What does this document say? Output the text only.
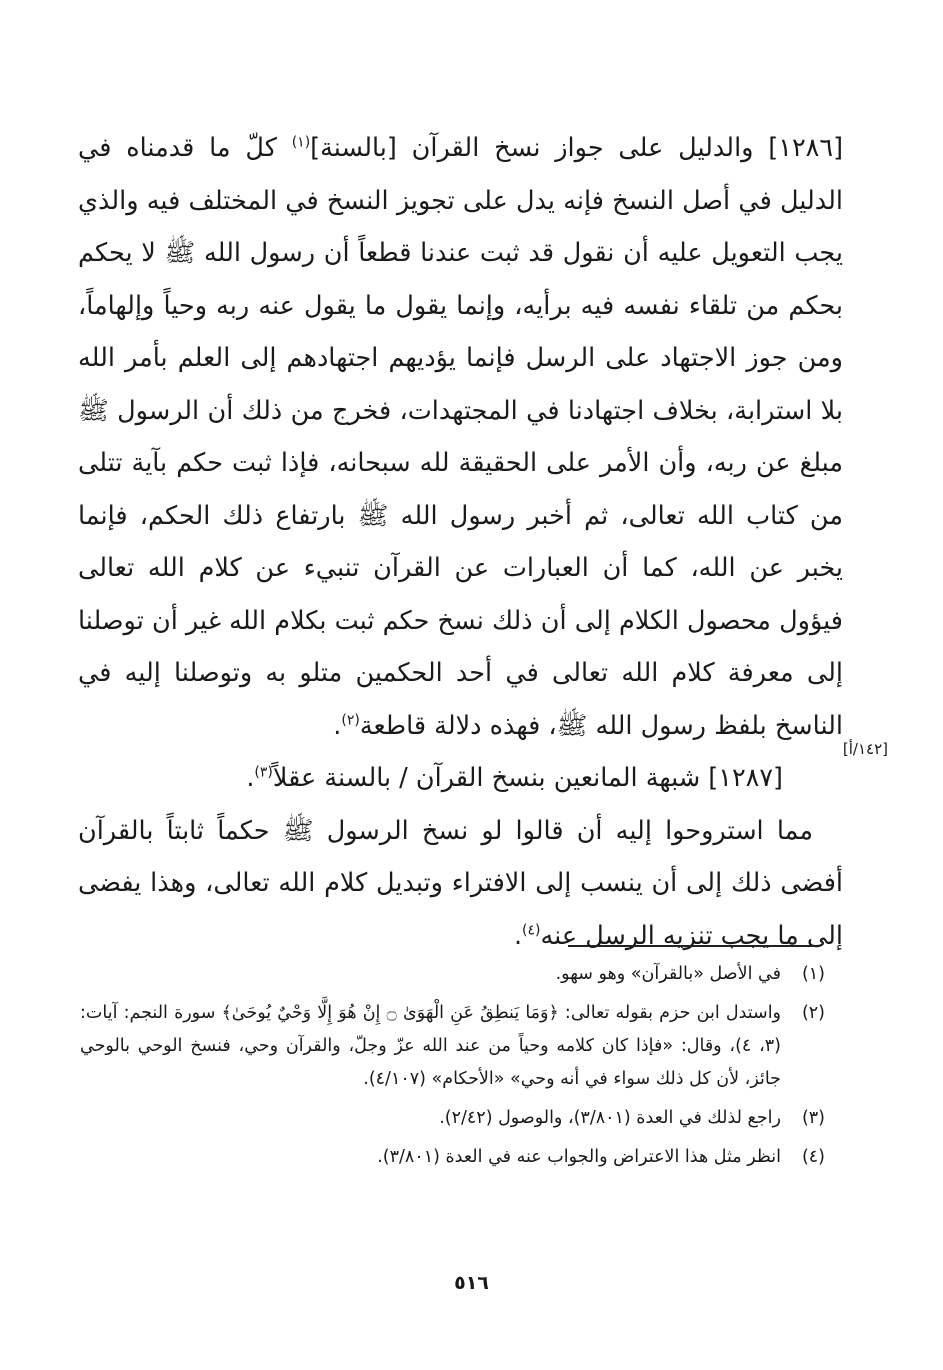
[١٢٨٦] والدليل على جواز نسخ القرآن [بالسنة]$^{(١)}$ كلّ ما قدمناه في الدليل في أصل النسخ فإنه يدل على تجويز النسخ في المختلف فيه والذي يجب التعويل عليه أن نقول قد ثبت عندنا قطعاً أن رسول الله ﷺ لا يحكم بحكم من تلقاء نفسه فيه برأيه، وإنما يقول ما يقول عنه ربه وحياً وإلهاماً، ومن جوز الاجتهاد على الرسل فإنما يؤديهم اجتهادهم إلى العلم بأمر الله بلا استرابة، بخلاف اجتهادنا في المجتهدات، فخرج من ذلك أن الرسول ﷺ مبلغ عن ربه، وأن الأمر على الحقيقة لله سبحانه، فإذا ثبت حكم بآية تتلى من كتاب الله تعالى، ثم أخبر رسول الله ﷺ بارتفاع ذلك الحكم، فإنما يخبر عن الله، كما أن العبارات عن القرآن تنبيء عن كلام الله تعالى فيؤول محصول الكلام إلى أن ذلك نسخ حكم ثبت بكلام الله غير أن توصلنا إلى معرفة كلام الله تعالى في أحد الحكمين متلو به وتوصلنا إليه في الناسخ بلفظ رسول الله ﷺ، فهذه دلالة قاطعة$^{(٢)}$.

[١٢٨٧] شبهة المانعين بنسخ القرآن / بالسنة عقلاً$^{(٣)}$.

مما استروحوا إليه أن قالوا لو نسخ الرسول ﷺ حكماً ثابتاً بالقرآن أفضى ذلك إلى أن ينسب إلى الافتراء وتبديل كلام الله تعالى، وهذا يفضى إلى ما يجب تنزيه الرسل عنه$^{(٤)}$.

[١٤٢/أ]
(١)
في الأصل «بالقرآن» وهو سهو.
(٢)
واستدل ابن حزم بقوله تعالى: ﴿وَمَا يَنطِقُ عَنِ الْهَوَىٰ ۝ إِنْ هُوَ إِلَّا وَحْيٌ يُوحَىٰ﴾ سورة النجم: آيات: (٣، ٤)، وقال: «فإذا كان كلامه وحياً من عند الله عزّ وجلّ، والقرآن وحي، فنسخ الوحي بالوحي جائز، لأن كل ذلك سواء في أنه وحي» «الأحكام» (٤/١٠٧).
(٣)
راجع لذلك في العدة (٣/٨٠١)، والوصول (٢/٤٢).
(٤)
انظر مثل هذا الاعتراض والجواب عنه في العدة (٣/٨٠١).
٥١٦
